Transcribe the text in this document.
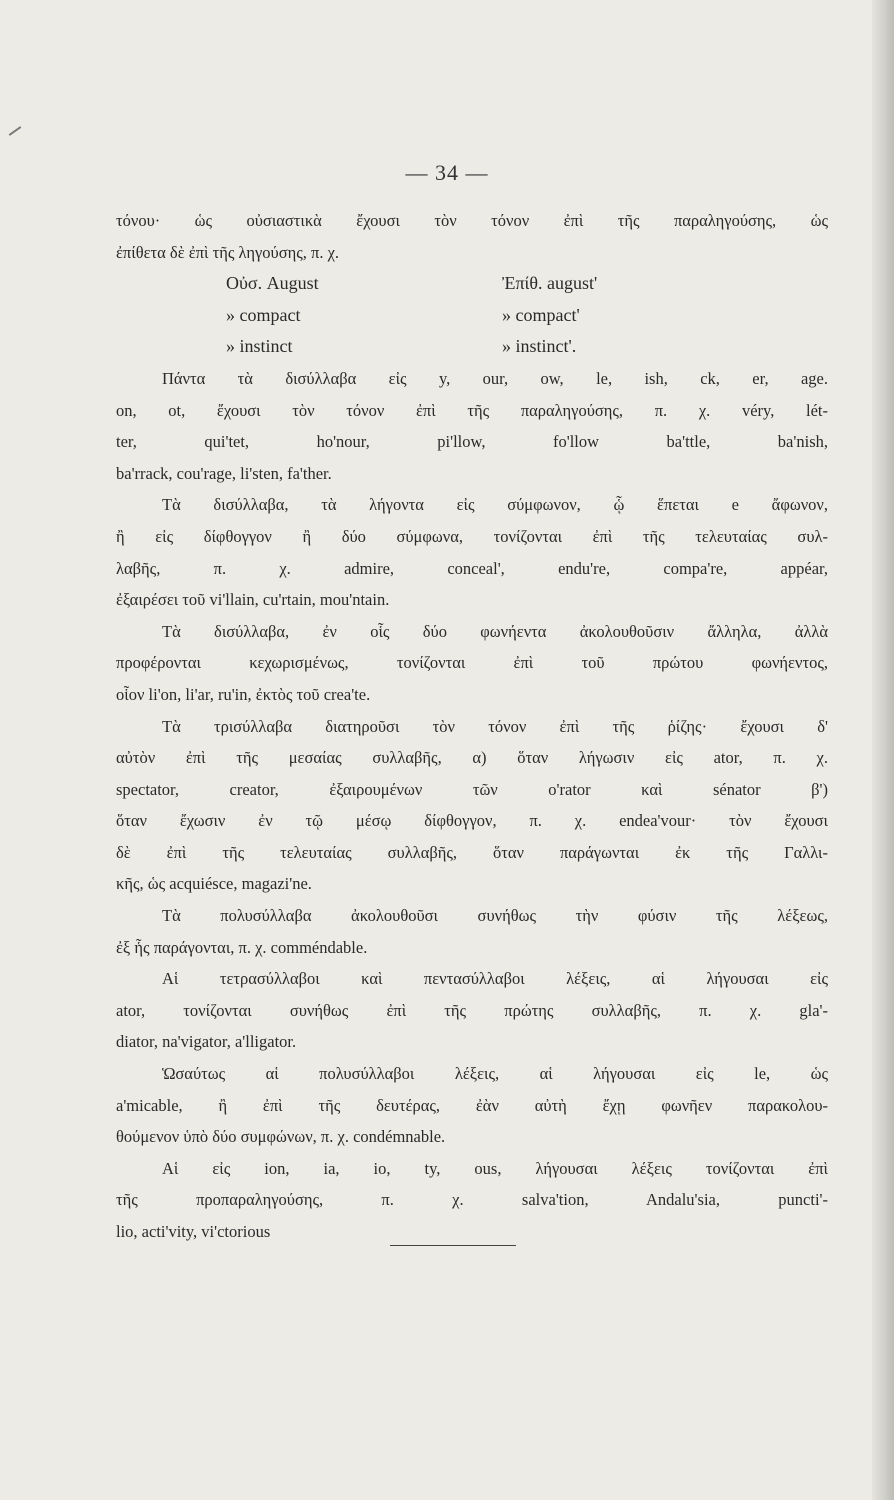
— 34 —
τόνου· ὡς οὐσιαστικὰ ἔχουσι τὸν τόνον ἐπὶ τῆς παραληγούσης, ὡς
ἐπίθετα δὲ ἐπὶ τῆς ληγούσης, π. χ.
Οὐσ. August	Ἐπίθ. august'
» compact	» compact'
» instinct	» instinct'.
Πάντα τὰ δισύλλαβα εἰς y, our, ow, le, ish, ck, er, age.
on, ot, ἔχουσι τὸν τόνον ἐπὶ τῆς παραληγούσης, π. χ. véry, lét-
ter, qui'tet, ho'nour, pi'llow, fo'llow ba'ttle, ba'nish,
ba'rrack, cou'rage, li'sten, fa'ther.
Τὰ δισύλλαβα, τὰ λήγοντα εἰς σύμφωνον, ᾧ ἕπεται e ἄφωνον,
ἢ εἰς δίφθογγον ἢ δύο σύμφωνα, τονίζονται ἐπὶ τῆς τελευταίας συλ-
λαβῆς, π. χ. admire, conceal', endu're, compa're, appéar,
ἐξαιρέσει τοῦ vi'llain, cu'rtain, mou'ntain.
Τὰ δισύλλαβα, ἐν οἷς δύο φωνήεντα ἀκολουθοῦσιν ἄλληλα, ἀλλὰ
προφέρονται κεχωρισμένως, τονίζονται ἐπὶ τοῦ πρώτου φωνήεντος,
οἷον li'on, li'ar, ru'in, ἐκτὸς τοῦ crea'te.
Τὰ τρισύλλαβα διατηροῦσι τὸν τόνον ἐπὶ τῆς ῥίζης· ἔχουσι δ'
αὐτὸν ἐπὶ τῆς μεσαίας συλλαβῆς, α) ὅταν λήγωσιν εἰς ator, π. χ.
spectator, creator, ἐξαιρουμένων τῶν o'rator καὶ sénator β')
ὅταν ἔχωσιν ἐν τῷ μέσῳ δίφθογγον, π. χ. endea'vour· τὸν ἔχουσι
δὲ ἐπὶ τῆς τελευταίας συλλαβῆς, ὅταν παράγωνται ἐκ τῆς Γαλλι-
κῆς, ὡς acquiésce, magazi'ne.
Τὰ πολυσύλλαβα ἀκολουθοῦσι συνήθως τὴν φύσιν τῆς λέξεως,
ἐξ ἧς παράγονται, π. χ. comméndable.
Αἱ τετρασύλλαβοι καὶ πεντασύλλαβοι λέξεις, αἱ λήγουσαι εἰς
ator, τονίζονται συνήθως ἐπὶ τῆς πρώτης συλλαβῆς, π. χ. gla'-
diator, na'vigator, a'lligator.
Ὡσαύτως αἱ πολυσύλλαβοι λέξεις, αἱ λήγουσαι εἰς le, ὡς
a'micable, ἢ ἐπὶ τῆς δευτέρας, ἐὰν αὐτὴ ἔχῃ φωνῆεν παρακολου-
θούμενον ὑπὸ δύο συμφώνων, π. χ. condémnable.
Αἱ εἰς ion, ia, io, ty, ous, λήγουσαι λέξεις τονίζονται ἐπὶ
τῆς προπαραληγούσης, π. χ. salva'tion, Andalu'sia, puncti'-
lio, acti'vity, vi'ctorious
